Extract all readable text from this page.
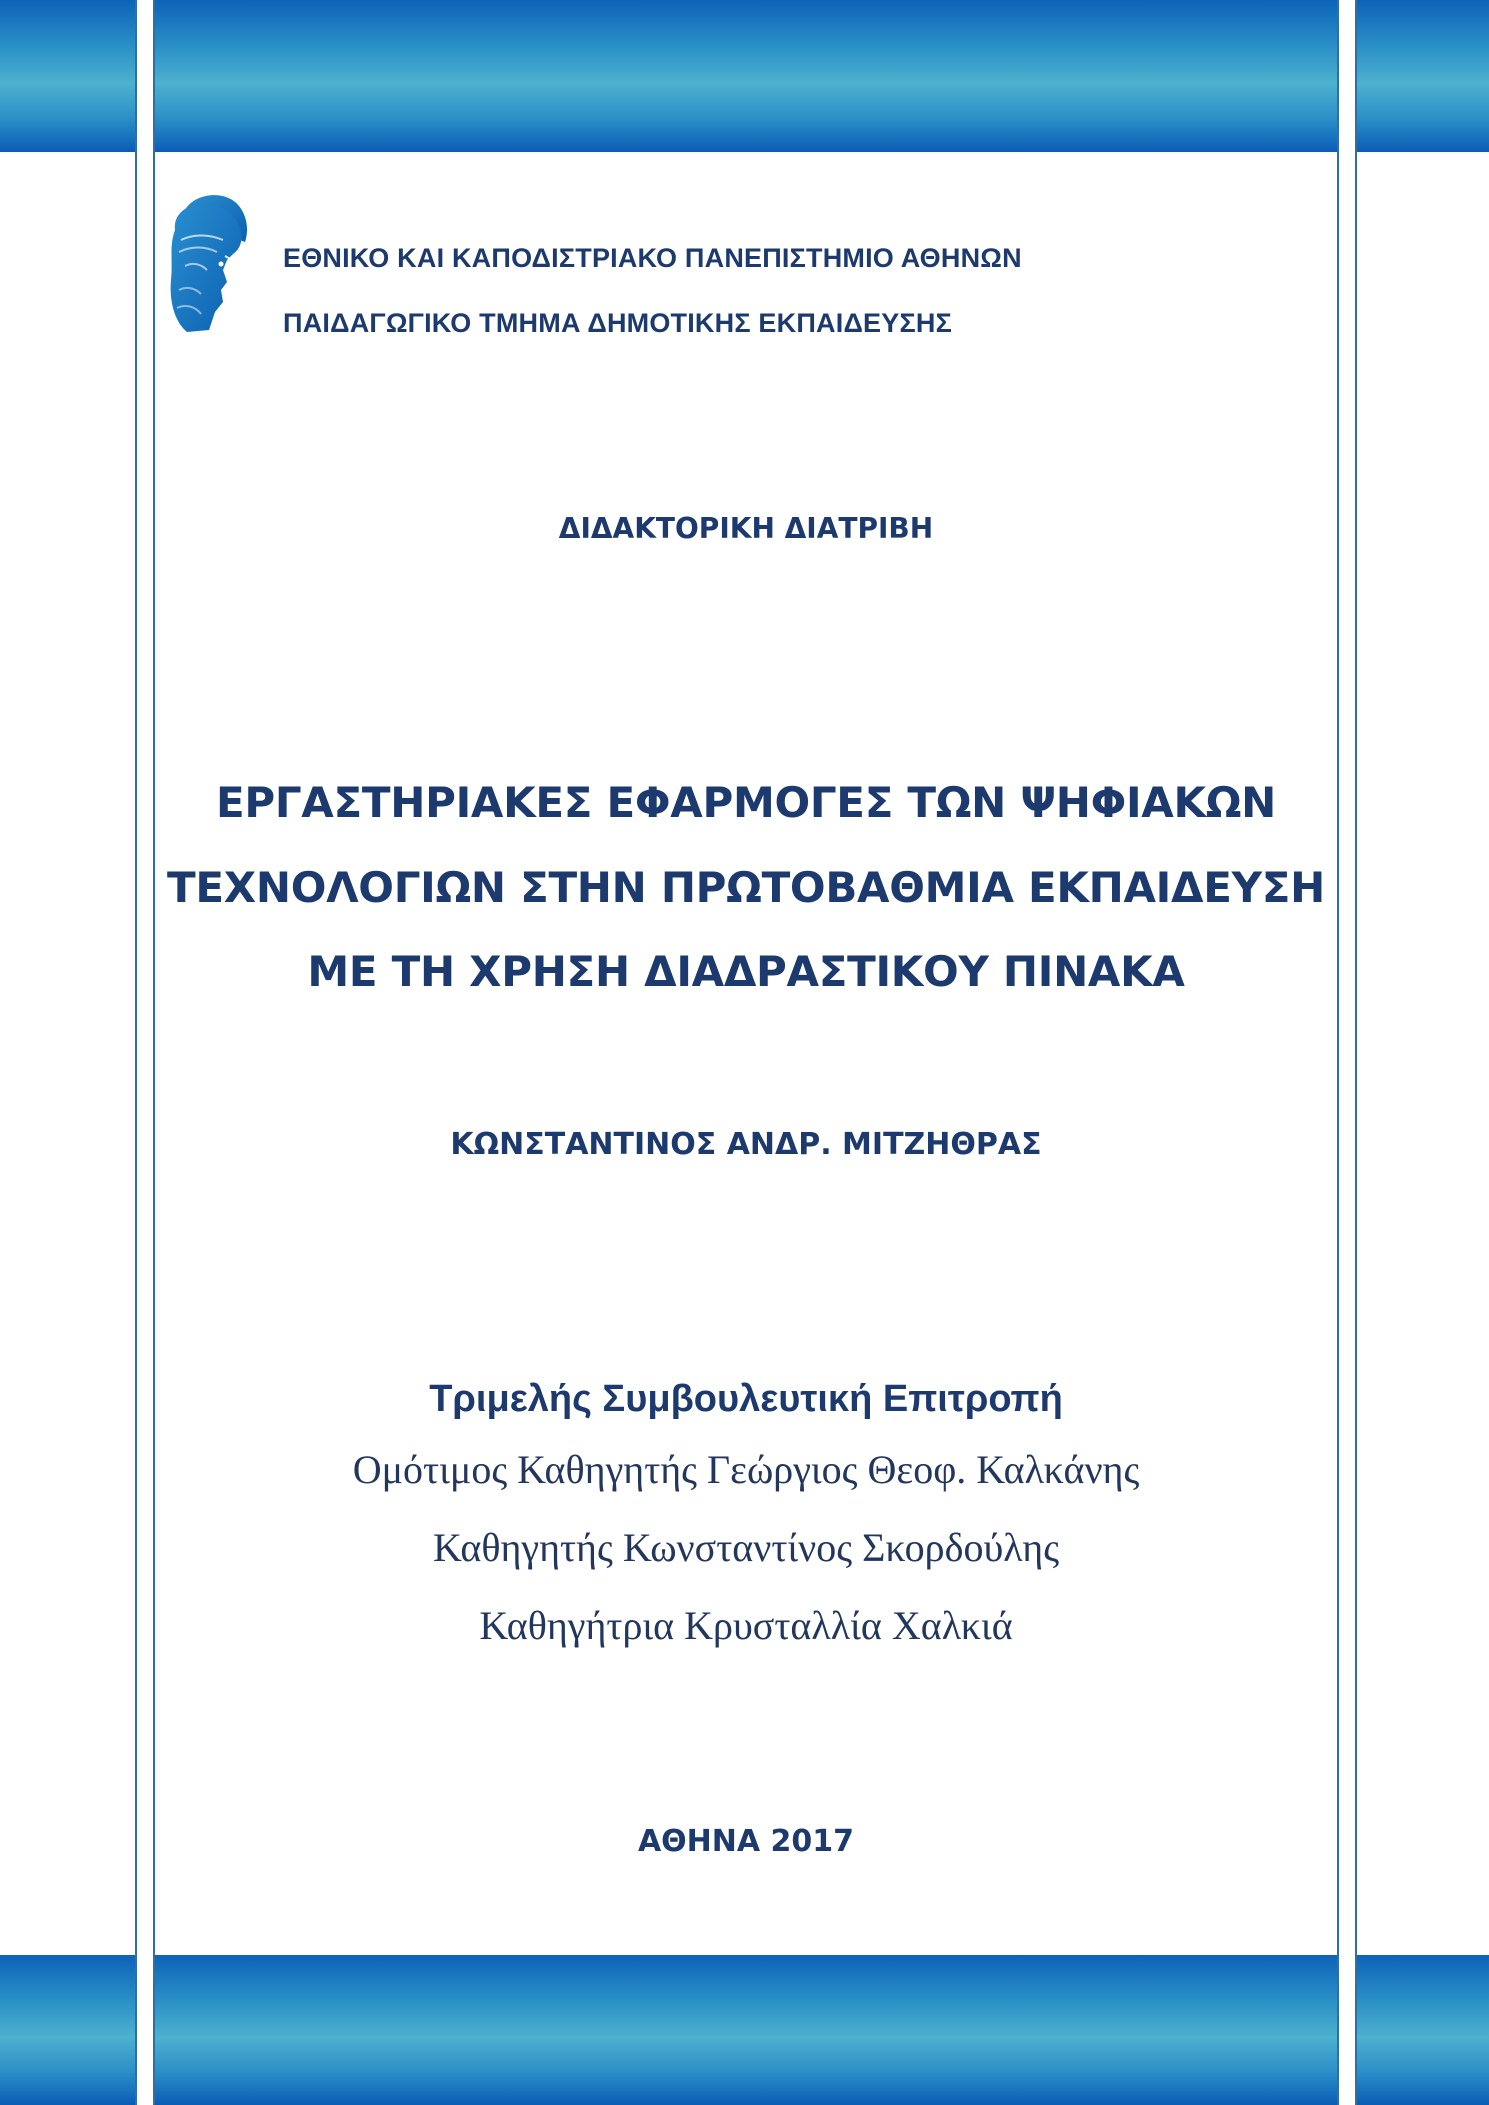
ΕΘΝΙΚΟ ΚΑΙ ΚΑΠΟΔΙΣΤΡΙΑΚΟ ΠΑΝΕΠΙΣΤΗΜΙΟ ΑΘΗΝΩΝ
ΠΑΙΔΑΓΩΓΙΚΟ ΤΜΗΜΑ ΔΗΜΟΤΙΚΗΣ ΕΚΠΑΙΔΕΥΣΗΣ
ΔΙΔΑΚΤΟΡΙΚΗ ΔΙΑΤΡΙΒΗ
ΕΡΓΑΣΤΗΡΙΑΚΕΣ ΕΦΑΡΜΟΓΕΣ ΤΩΝ ΨΗΦΙΑΚΩΝ
ΤΕΧΝΟΛΟΓΙΩΝ ΣΤΗΝ ΠΡΩΤΟΒΑΘΜΙΑ ΕΚΠΑΙΔΕΥΣΗ
ΜΕ ΤΗ ΧΡΗΣΗ ΔΙΑΔΡΑΣΤΙΚΟΥ ΠΙΝΑΚΑ
ΚΩΝΣΤΑΝΤΙΝΟΣ ΑΝΔΡ. ΜΙΤΖΗΘΡΑΣ
Τριμελής Συμβουλευτική Επιτροπή
Ομότιμος Καθηγητής Γεώργιος Θεοφ. Καλκάνης
Καθηγητής Κωνσταντίνος Σκορδούλης
Καθηγήτρια Κρυσταλλία Χαλκιά
ΑΘΗΝΑ 2017
